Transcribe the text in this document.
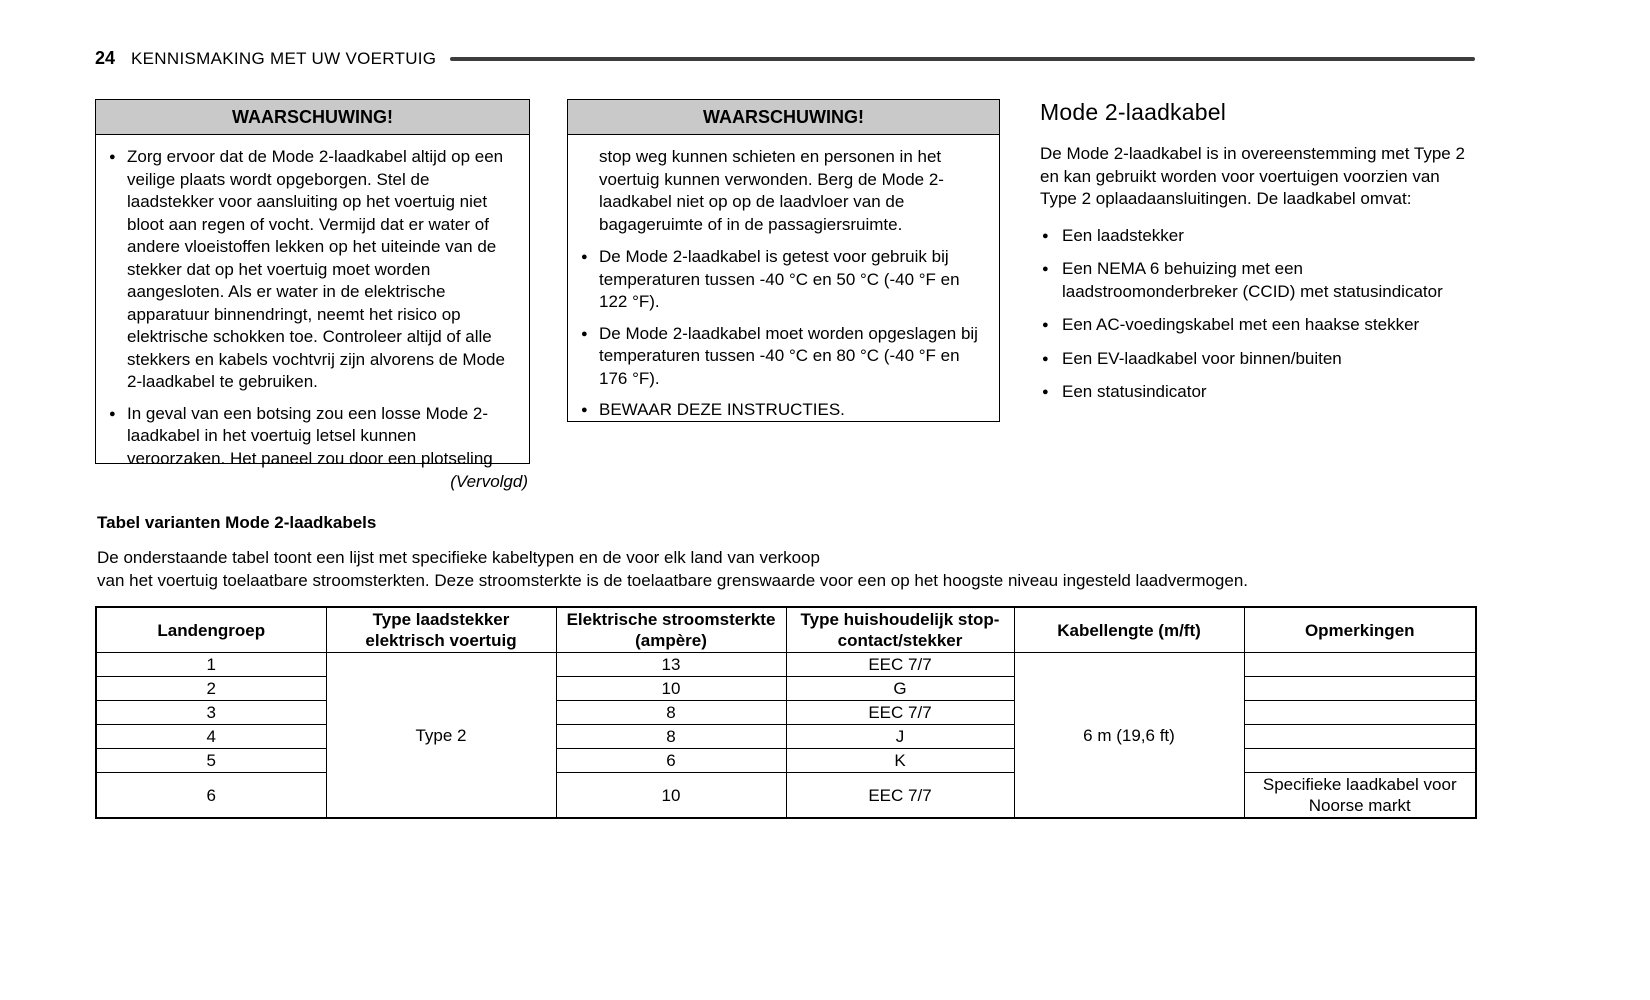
24 KENNISMAKING MET UW VOERTUIG
WAARSCHUWING!
● Zorg ervoor dat de Mode 2-laadkabel altijd op een veilige plaats wordt opgeborgen. Stel de laadstekker voor aansluiting op het voertuig niet bloot aan regen of vocht. Vermijd dat er water of andere vloeistoffen lekken op het uiteinde van de stekker dat op het voertuig moet worden aangesloten. Als er water in de elektrische apparatuur binnendringt, neemt het risico op elektrische schokken toe. Controleer altijd of alle stekkers en kabels vochtvrij zijn alvorens de Mode 2-laadkabel te gebruiken.
● In geval van een botsing zou een losse Mode 2-laadkabel in het voertuig letsel kunnen veroorzaken. Het paneel zou door een plotseling
(Vervolgd)
WAARSCHUWING!

stop weg kunnen schieten en personen in het voertuig kunnen verwonden. Berg de Mode 2-laadkabel niet op op de laadvloer van de bagageruimte of in de passagiersruimte.

● De Mode 2-laadkabel is getest voor gebruik bij temperaturen tussen -40 °C en 50 °C (-40 °F en 122 °F).
● De Mode 2-laadkabel moet worden opgeslagen bij temperaturen tussen -40 °C en 80 °C (-40 °F en 176 °F).
● BEWAAR DEZE INSTRUCTIES.
Mode 2-laadkabel

De Mode 2-laadkabel is in overeenstemming met Type 2 en kan gebruikt worden voor voertuigen voorzien van Type 2 oplaadaansluitingen. De laadkabel omvat:

● Een laadstekker
● Een NEMA 6 behuizing met een laadstroomonderbreker (CCID) met statusindicator
● Een AC-voedingskabel met een haakse stekker
● Een EV-laadkabel voor binnen/buiten
● Een statusindicator
Tabel varianten Mode 2-laadkabels
De onderstaande tabel toont een lijst met specifieke kabeltypen en de voor elk land van verkoop
van het voertuig toelaatbare stroomsterkten. Deze stroomsterkte is de toelaatbare grenswaarde voor een op het hoogste niveau ingesteld laadvermogen.
Landengroep	Type laadstekker elektrisch voertuig	Elektrische stroomsterkte (ampère)	Type huishoudelijk stop-contact/stekker	Kabellengte (m/ft)	Opmerkingen
1	Type 2	13	EEC 7/7	6 m (19,6 ft)	
2		10	G		
3		8	EEC 7/7		
4		8	J		
5		6	K		
6		10	EEC 7/7		Specifieke laadkabel voor Noorse markt
